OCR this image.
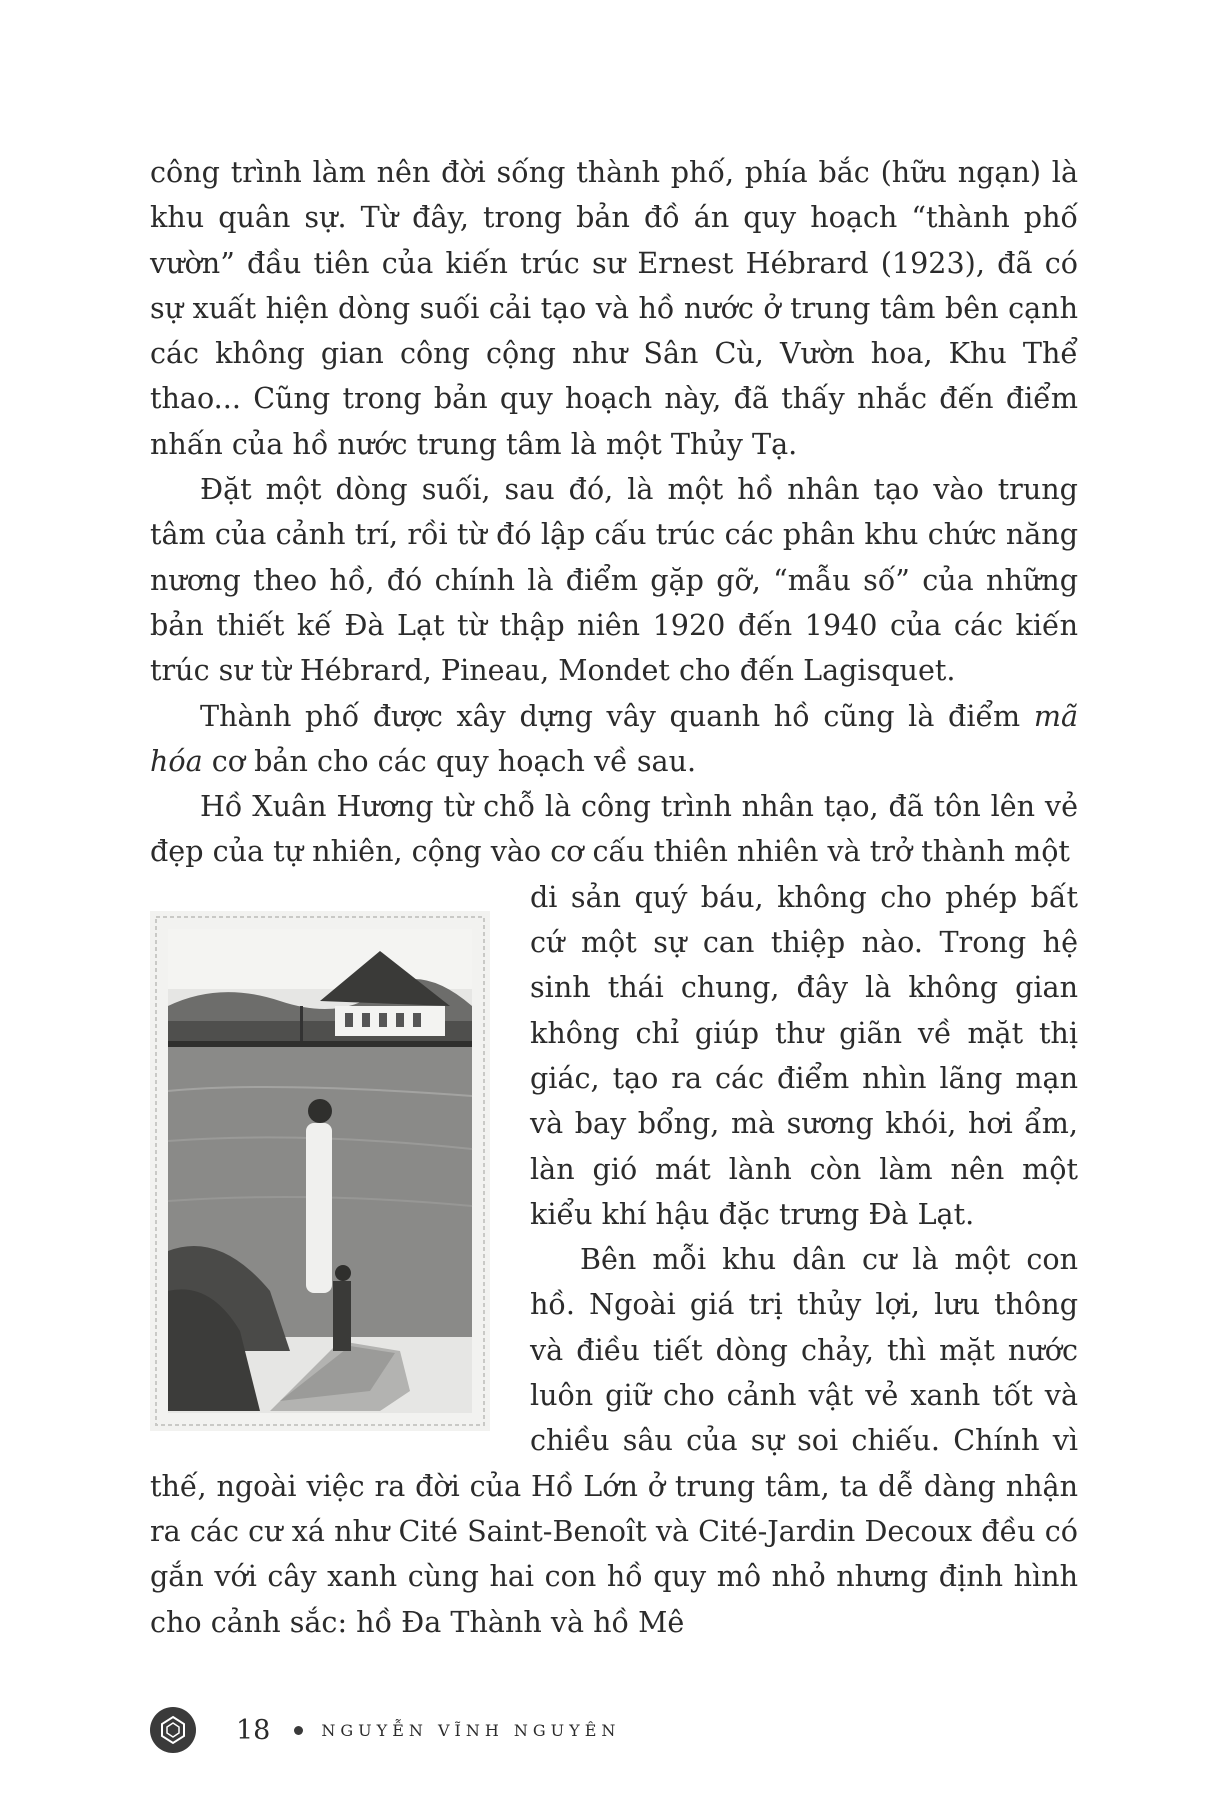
công trình làm nên đời sống thành phố, phía bắc (hữu ngạn) là khu quân sự. Từ đây, trong bản đồ án quy hoạch “thành phố vườn” đầu tiên của kiến trúc sư Ernest Hébrard (1923), đã có sự xuất hiện dòng suối cải tạo và hồ nước ở trung tâm bên cạnh các không gian công cộng như Sân Cù, Vườn hoa, Khu Thể thao... Cũng trong bản quy hoạch này, đã thấy nhắc đến điểm nhấn của hồ nước trung tâm là một Thủy Tạ.

Đặt một dòng suối, sau đó, là một hồ nhân tạo vào trung tâm của cảnh trí, rồi từ đó lập cấu trúc các phân khu chức năng nương theo hồ, đó chính là điểm gặp gỡ, “mẫu số” của những bản thiết kế Đà Lạt từ thập niên 1920 đến 1940 của các kiến trúc sư từ Hébrard, Pineau, Mondet cho đến Lagisquet.

Thành phố được xây dựng vây quanh hồ cũng là điểm mã hóa cơ bản cho các quy hoạch về sau.

Hồ Xuân Hương từ chỗ là công trình nhân tạo, đã tôn lên vẻ đẹp của tự nhiên, cộng vào cơ cấu thiên nhiên và trở thành một

di sản quý báu, không cho phép bất cứ một sự can thiệp nào. Trong hệ sinh thái chung, đây là không gian không chỉ giúp thư giãn về mặt thị giác, tạo ra các điểm nhìn lãng mạn và bay bổng, mà sương khói, hơi ẩm, làn gió mát lành còn làm nên một kiểu khí hậu đặc trưng Đà Lạt.

Bên mỗi khu dân cư là một con hồ. Ngoài giá trị thủy lợi, lưu thông và điều tiết dòng chảy, thì mặt nước luôn giữ cho cảnh vật vẻ xanh tốt và chiều sâu của sự soi chiếu. Chính vì thế, ngoài việc ra đời của Hồ Lớn ở trung tâm, ta dễ dàng nhận ra các cư xá như Cité Saint-Benoît và Cité-Jardin Decoux đều có gắn với cây xanh cùng hai con hồ quy mô nhỏ nhưng định hình cho cảnh sắc: hồ Đa Thành và hồ Mê

18	NGUYỄN VĨNH NGUYÊN
